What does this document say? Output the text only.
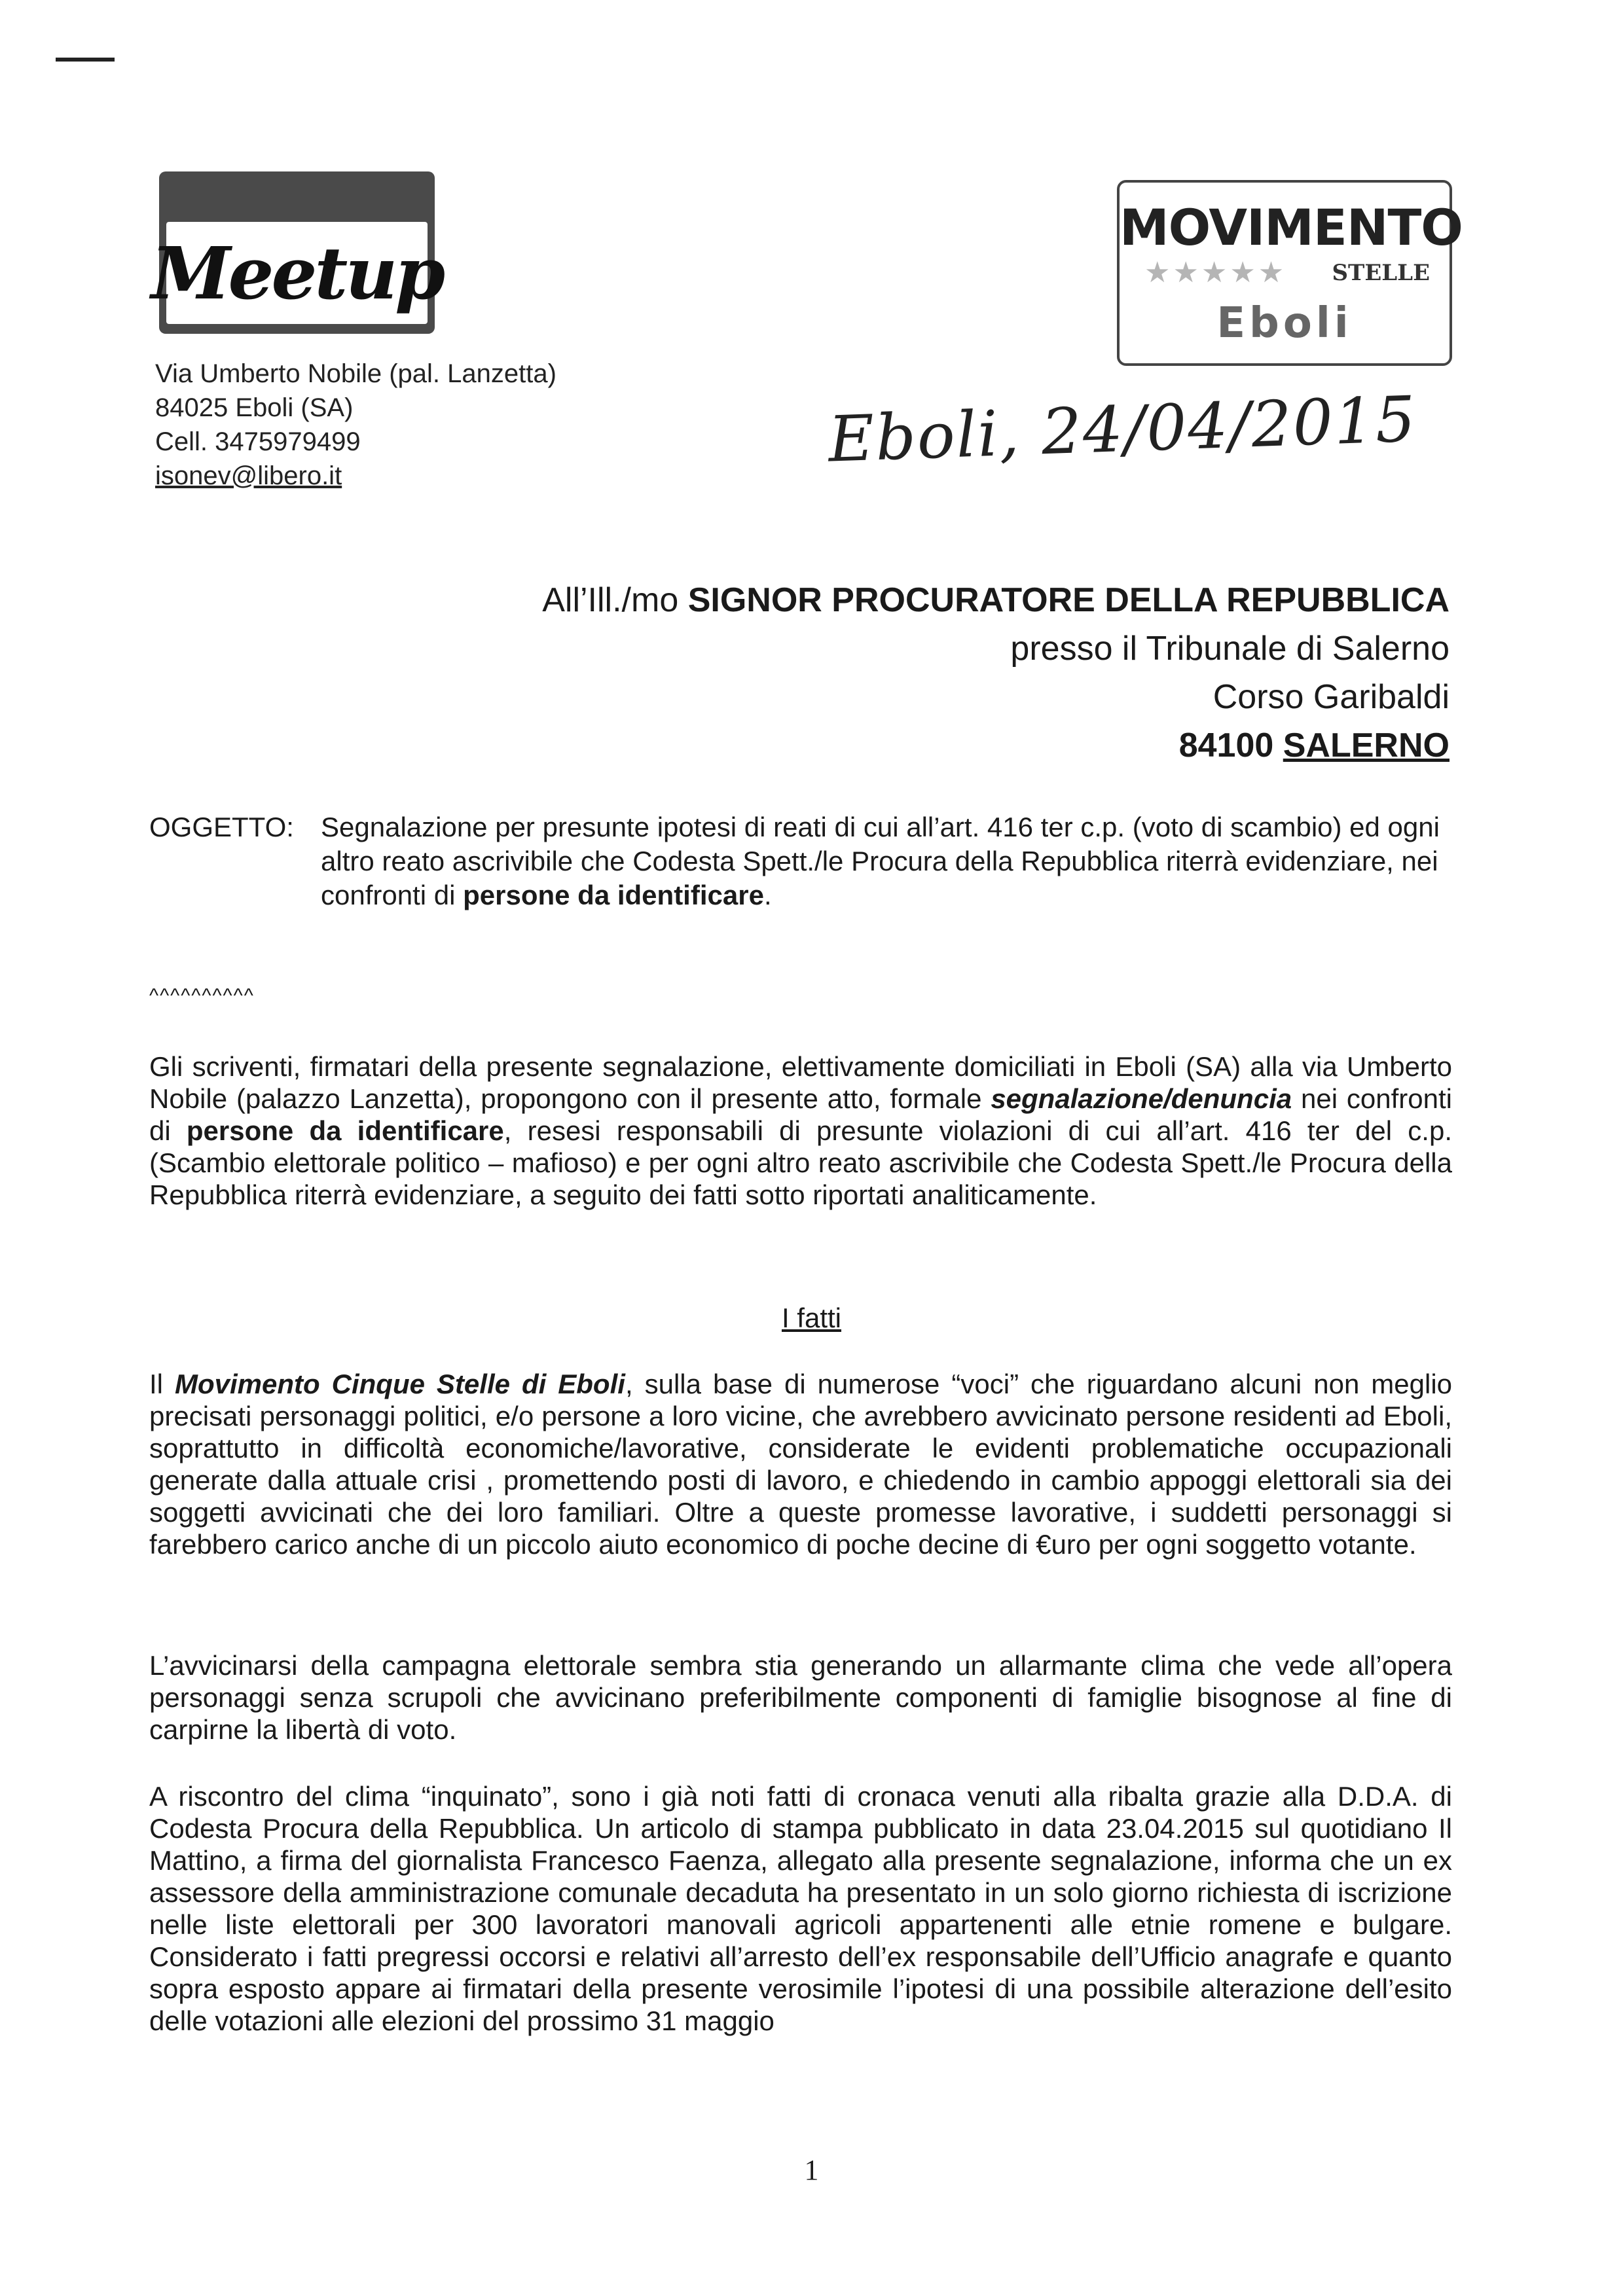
Meetup
MOVIMENTO
★★★★★ STELLE
Eboli
Via Umberto Nobile (pal. Lanzetta)
84025 Eboli (SA)
Cell. 3475979499
isonev@libero.it	Eboli, 24/04/2015
All’Ill./mo SIGNOR PROCURATORE DELLA REPUBBLICA
presso il Tribunale di Salerno
Corso Garibaldi
84100 SALERNO
OGGETTO: Segnalazione per presunte ipotesi di reati di cui all’art. 416 ter c.p. (voto di scambio) ed ogni altro reato ascrivibile che Codesta Spett./le Procura della Repubblica riterrà evidenziare, nei confronti di persone da identificare.
^^^^^^^^^^
Gli scriventi, firmatari della presente segnalazione, elettivamente domiciliati in Eboli (SA) alla via Umberto Nobile (palazzo Lanzetta), propongono con il presente atto, formale segnalazione/denuncia nei confronti di persone da identificare, resesi responsabili di presunte violazioni di cui all’art. 416 ter del c.p. (Scambio elettorale politico – mafioso) e per ogni altro reato ascrivibile che Codesta Spett./le Procura della Repubblica riterrà evidenziare, a seguito dei fatti sotto riportati analiticamente.
I fatti
Il Movimento Cinque Stelle di Eboli, sulla base di numerose “voci” che riguardano alcuni non meglio precisati personaggi politici, e/o persone a loro vicine, che avrebbero avvicinato persone residenti ad Eboli, soprattutto in difficoltà economiche/lavorative, considerate le evidenti problematiche occupazionali generate dalla attuale crisi , promettendo posti di lavoro, e chiedendo in cambio appoggi elettorali sia dei soggetti avvicinati che dei loro familiari. Oltre a queste promesse lavorative, i suddetti personaggi si farebbero carico anche di un piccolo aiuto economico di poche decine di €uro per ogni soggetto votante.
L’avvicinarsi della campagna elettorale sembra stia generando un allarmante clima che vede all’opera personaggi senza scrupoli che avvicinano preferibilmente componenti di famiglie bisognose al fine di carpirne la libertà di voto.
A riscontro del clima “inquinato”, sono i già noti fatti di cronaca venuti alla ribalta grazie alla D.D.A. di Codesta Procura della Repubblica. Un articolo di stampa pubblicato in data 23.04.2015 sul quotidiano Il Mattino, a firma del giornalista Francesco Faenza, allegato alla presente segnalazione, informa che un ex assessore della amministrazione comunale decaduta ha presentato in un solo giorno richiesta di iscrizione nelle liste elettorali per 300 lavoratori manovali agricoli appartenenti alle etnie romene e bulgare. Considerato i fatti pregressi occorsi e relativi all’arresto dell’ex responsabile dell’Ufficio anagrafe e quanto sopra esposto appare ai firmatari della presente verosimile l’ipotesi di una possibile alterazione dell’esito delle votazioni alle elezioni del prossimo 31 maggio
1
